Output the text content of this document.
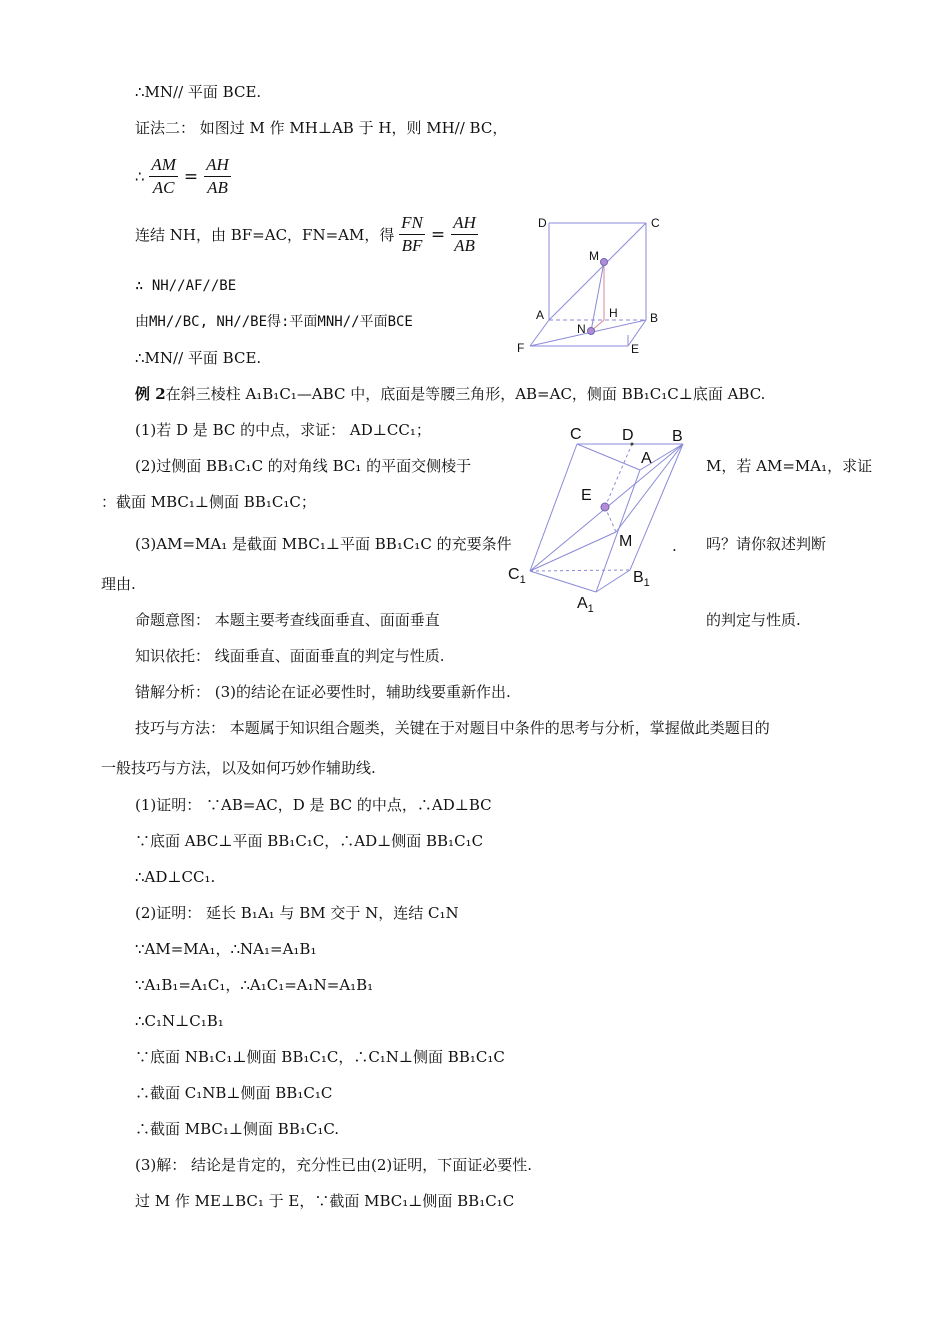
∴MN// 平面 BCE.
证法二： 如图过 M 作 MH⊥AB 于 H，则 MH// BC，
∴ $\frac{AM}{AC} = \frac{AH}{AB}$
连结 NH，由 BF=AC，FN=AM，得 $\frac{FN}{BF} = \frac{AH}{AB}$
∴ NH//AF//BE
由MH//BC, NH//BE得:平面MNH//平面BCE
∴MN// 平面 BCE.
D	C
M
A	H	B
N
F	E
例 2在斜三棱柱 A₁B₁C₁—ABC 中，底面是等腰三角形，AB=AC，侧面 BB₁C₁C⊥底面 ABC.
(1)若 D 是 BC 的中点，求证： AD⊥CC₁；
(2)过侧面 BB₁C₁C 的对角线 BC₁ 的平面交侧棱于	M，若 AM=MA₁，求证
：截面 MBC₁⊥侧面 BB₁C₁C；
(3)AM=MA₁ 是截面 MBC₁⊥平面 BB₁C₁C 的充要条件	. 吗？请你叙述判断
理由.
命题意图： 本题主要考查线面垂直、面面垂直	的判定与性质.
知识依托： 线面垂直、面面垂直的判定与性质.
错解分析： (3)的结论在证必要性时，辅助线要重新作出.
技巧与方法： 本题属于知识组合题类，关键在于对题目中条件的思考与分析，掌握做此类题目的
一般技巧与方法，以及如何巧妙作辅助线.
(1)证明： ∵AB=AC，D 是 BC 的中点，∴AD⊥BC
∵底面 ABC⊥平面 BB₁C₁C，∴AD⊥侧面 BB₁C₁C
∴AD⊥CC₁.
(2)证明： 延长 B₁A₁ 与 BM 交于 N，连结 C₁N
∵AM=MA₁，∴NA₁=A₁B₁
∵A₁B₁=A₁C₁，∴A₁C₁=A₁N=A₁B₁
∴C₁N⊥C₁B₁
∵底面 NB₁C₁⊥侧面 BB₁C₁C，∴C₁N⊥侧面 BB₁C₁C
∴截面 C₁NB⊥侧面 BB₁C₁C
∴截面 MBC₁⊥侧面 BB₁C₁C.
(3)解： 结论是肯定的，充分性已由(2)证明，下面证必要性.
过 M 作 ME⊥BC₁ 于 E，∵截面 MBC₁⊥侧面 BB₁C₁C
C	D B
A
E
M
$C_1$	$B_1$
$A_1$
